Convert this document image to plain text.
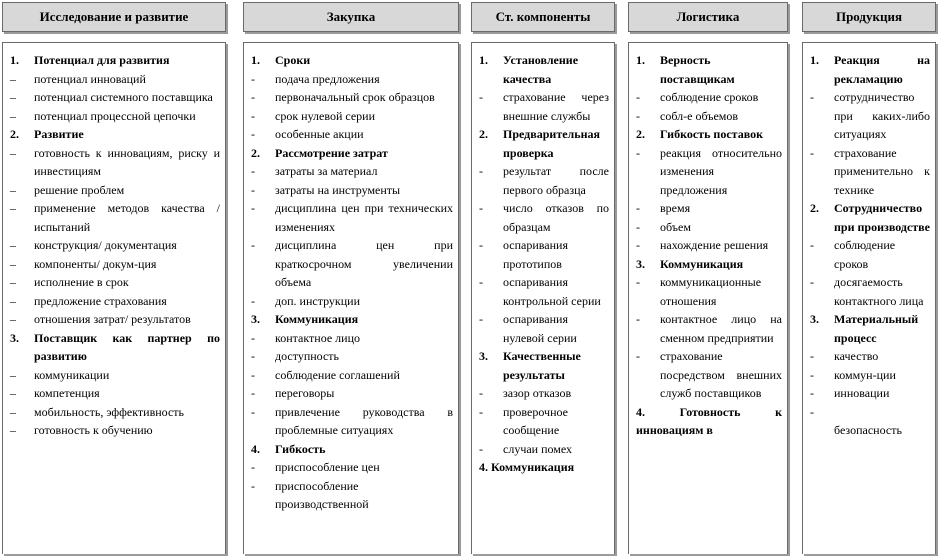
Исследование и развитие
1. Потенциал для развития
– потенциал инноваций
– потенциал системного поставщика
– потенциал процессной цепочки
2. Развитие
– готовность к инновациям, риску и инвестициям
– решение проблем
– применение методов качества / испытаний
– конструкция/ документация
– компоненты/ докум-ция
– исполнение в срок
– предложение страхования
– отношения затрат/ результатов
3. Поставщик как партнер по развитию
– коммуникации
– компетенция
– мобильность, эффективность
– готовность к обучению
Закупка
1. Сроки
- подача предложения
- первоначальный срок образцов
- срок нулевой серии
- особенные акции
2. Рассмотрение затрат
- затраты за материал
- затраты на инструменты
- дисциплина цен при технических изменениях
- дисциплина цен при краткосрочном увеличении объема
- доп. инструкции
3. Коммуникация
- контактное лицо
- доступность
- соблюдение соглашений
- переговоры
- привлечение руководства в проблемные ситуациях
4. Гибкость
- приспособление цен
- приспособление производственной
Ст. компоненты
1. Установление качества
- страхование через внешние службы
2. Предварительная проверка
- результат после первого образца
- число отказов по образцам
- оспаривания прототипов
- оспаривания контрольной серии
- оспаривания нулевой серии
3. Качественные результаты
- зазор отказов
- проверочное сообщение
- случаи помех
4. Коммуникация
Логистика
1. Верность поставщикам
- соблюдение сроков
- собл-е объемов
2. Гибкость поставок
- реакция относительно изменения предложения
- время
- объем
- нахождение решения
3. Коммуникация
- коммуникационные отношения
- контактное лицо на сменном предприятии
- страхование посредством внешних служб поставщиков
4. Готовность к инновациям в
Продукция
1. Реакция на рекламацию
- сотрудничество при каких-либо ситуациях
- страхование применительно к технике
2. Сотрудничество при производстве
- соблюдение сроков
- досягаемость контактного лица
3. Материальный процесс
- качество
- коммун-ции
- инновации
-
безопасность
